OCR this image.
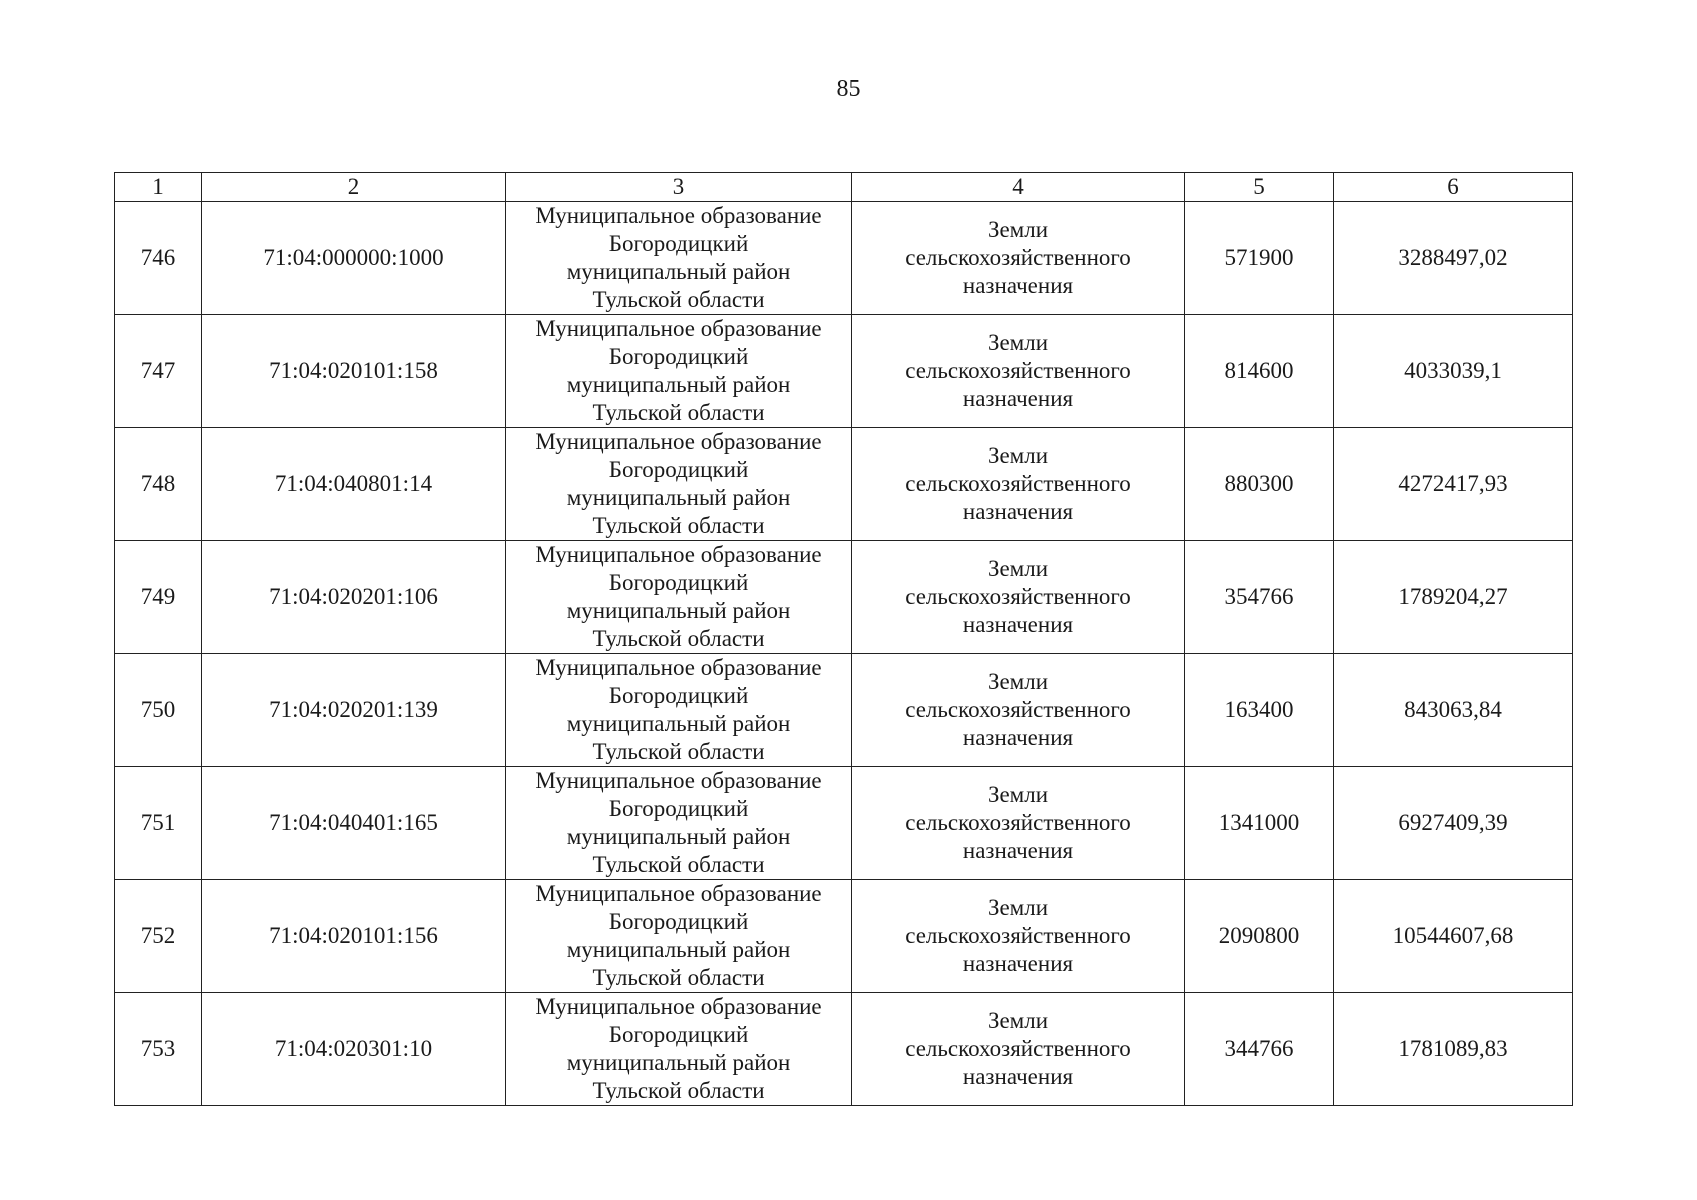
85
1	2	3	4	5	6
746	71:04:000000:1000	Муниципальное образование
Богородицкий
муниципальный район
Тульской области	Земли
сельскохозяйственного
назначения	571900	3288497,02
747	71:04:020101:158	Муниципальное образование
Богородицкий
муниципальный район
Тульской области	Земли
сельскохозяйственного
назначения	814600	4033039,1
748	71:04:040801:14	Муниципальное образование
Богородицкий
муниципальный район
Тульской области	Земли
сельскохозяйственного
назначения	880300	4272417,93
749	71:04:020201:106	Муниципальное образование
Богородицкий
муниципальный район
Тульской области	Земли
сельскохозяйственного
назначения	354766	1789204,27
750	71:04:020201:139	Муниципальное образование
Богородицкий
муниципальный район
Тульской области	Земли
сельскохозяйственного
назначения	163400	843063,84
751	71:04:040401:165	Муниципальное образование
Богородицкий
муниципальный район
Тульской области	Земли
сельскохозяйственного
назначения	1341000	6927409,39
752	71:04:020101:156	Муниципальное образование
Богородицкий
муниципальный район
Тульской области	Земли
сельскохозяйственного
назначения	2090800	10544607,68
753	71:04:020301:10	Муниципальное образование
Богородицкий
муниципальный район
Тульской области	Земли
сельскохозяйственного
назначения	344766	1781089,83
